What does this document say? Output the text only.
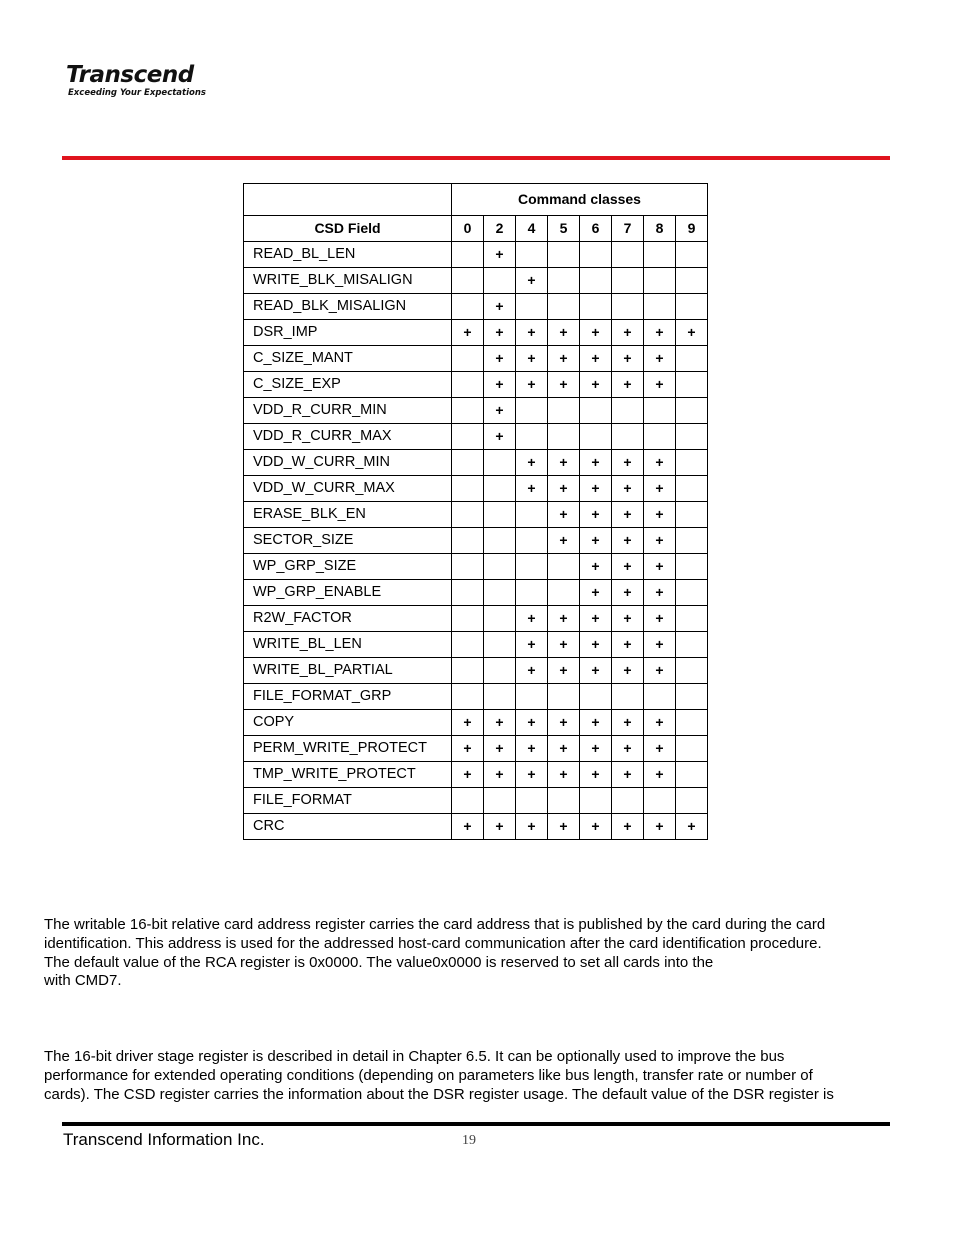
Transcend
Exceeding Your Expectations
	Command classes							
CSD Field	0	2	4	5	6	7	8	9
READ_BL_LEN		+						
WRITE_BLK_MISALIGN			+					
READ_BLK_MISALIGN		+						
DSR_IMP	+	+	+	+	+	+	+	+
C_SIZE_MANT		+	+	+	+	+	+	
C_SIZE_EXP		+	+	+	+	+	+	
VDD_R_CURR_MIN		+						
VDD_R_CURR_MAX		+						
VDD_W_CURR_MIN			+	+	+	+	+	
VDD_W_CURR_MAX			+	+	+	+	+	
ERASE_BLK_EN				+	+	+	+	
SECTOR_SIZE				+	+	+	+	
WP_GRP_SIZE					+	+	+	
WP_GRP_ENABLE					+	+	+	
R2W_FACTOR			+	+	+	+	+	
WRITE_BL_LEN			+	+	+	+	+	
WRITE_BL_PARTIAL			+	+	+	+	+	
FILE_FORMAT_GRP								
COPY	+	+	+	+	+	+	+	
PERM_WRITE_PROTECT	+	+	+	+	+	+	+	
TMP_WRITE_PROTECT	+	+	+	+	+	+	+	
FILE_FORMAT								
CRC	+	+	+	+	+	+	+	+

The writable 16-bit relative card address register carries the card address that is published by the card during the card

identification. This address is used for the addressed host-card communication after the card identification procedure.

The default value of the RCA register is 0x0000. The value0x0000 is reserved to set all cards into the

with CMD7.

The 16-bit driver stage register is described in detail in Chapter 6.5. It can be optionally used to improve the bus

performance for extended operating conditions (depending on parameters like bus length, transfer rate or number of

cards). The CSD register carries the information about the DSR register usage. The default value of the DSR register is

Transcend Information Inc.	19
